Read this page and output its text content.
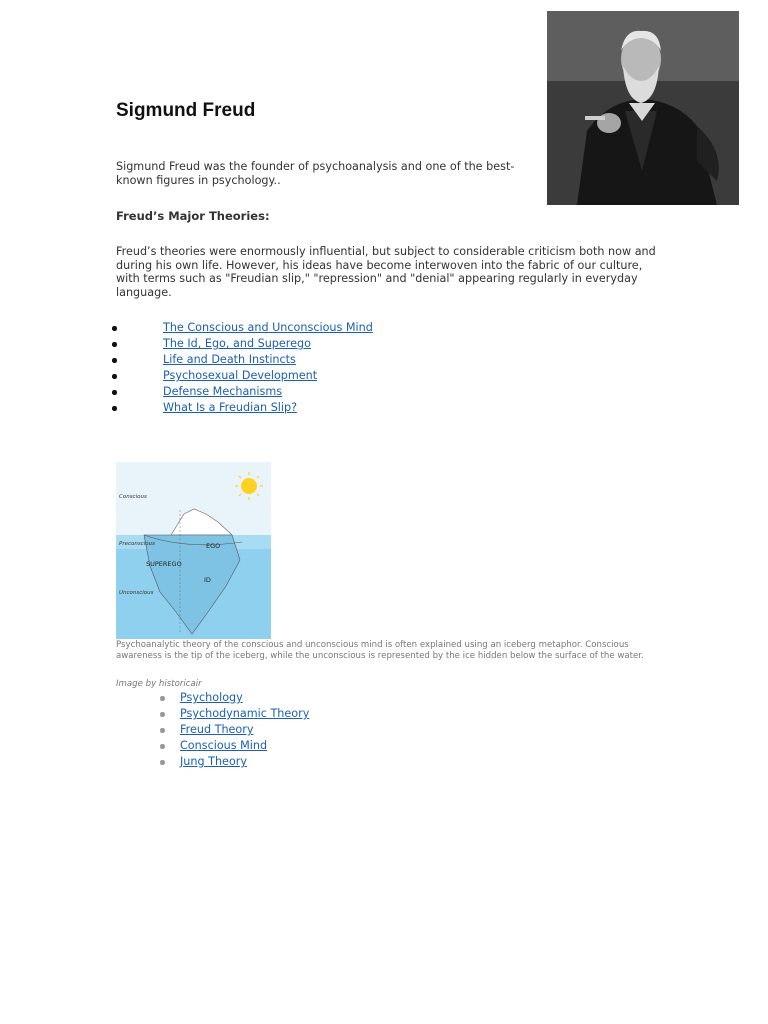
Sigmund Freud

Sigmund Freud was the founder of psychoanalysis and one of the best-known figures in psychology..

Freud’s Major Theories:

Freud’s theories were enormously influential, but subject to considerable criticism both now and during his own life. However, his ideas have become interwoven into the fabric of our culture, with terms such as "Freudian slip," "repression" and "denial" appearing regularly in everyday language.

The Conscious and Unconscious Mind
The Id, Ego, and Superego
Life and Death Instincts
Psychosexual Development
Defense Mechanisms
What Is a Freudian Slip?
Conscious
Preconscious
Unconscious
EGO
SUPEREGO
ID

Psychoanalytic theory of the conscious and unconscious mind is often explained using an iceberg metaphor. Conscious awareness is the tip of the iceberg, while the unconscious is represented by the ice hidden below the surface of the water.

Image by historicair

Psychology
Psychodynamic Theory
Freud Theory
Conscious Mind
Jung Theory
